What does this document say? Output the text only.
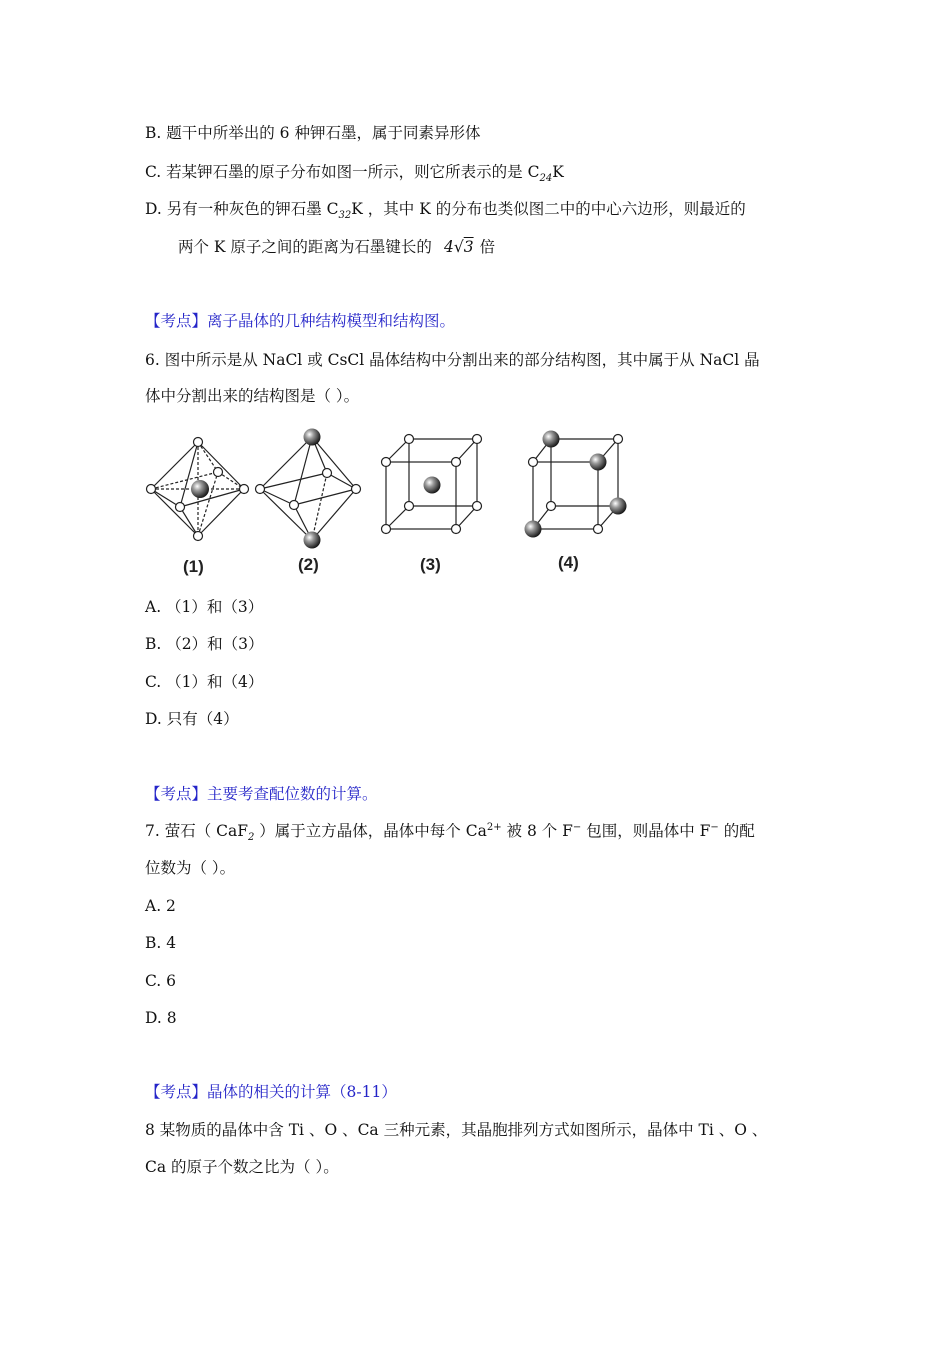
B. 题干中所举出的 6 种钾石墨，属于同素异形体
C. 若某钾石墨的原子分布如图一所示，则它所表示的是 $C_{24}K$
D. 另有一种灰色的钾石墨 $C_{32}K$ ，其中 K 的分布也类似图二中的中心六边形，则最近的
两个 K 原子之间的距离为石墨键长的 4√3 倍
【考点】离子晶体的几种结构模型和结构图。
6. 图中所示是从 NaCl 或 CsCl 晶体结构中分割出来的部分结构图，其中属于从 NaCl 晶
体中分割出来的结构图是（ ）。
(1)	(2)	(3)	(4)
A. （1）和（3）
B. （2）和（3）
C. （1）和（4）
D. 只有（4）
【考点】主要考查配位数的计算。
7. 萤石（ CaF$_2$ ）属于立方晶体，晶体中每个 $Ca^{2+}$ 被 8 个 F− 包围，则晶体中 F− 的配
位数为（ ）。
A. 2
B. 4
C. 6
D. 8
【考点】晶体的相关的计算（8-11）
8 某物质的晶体中含 Ti 、O 、Ca 三种元素，其晶胞排列方式如图所示，晶体中 Ti 、O 、
Ca 的原子个数之比为（ ）。
